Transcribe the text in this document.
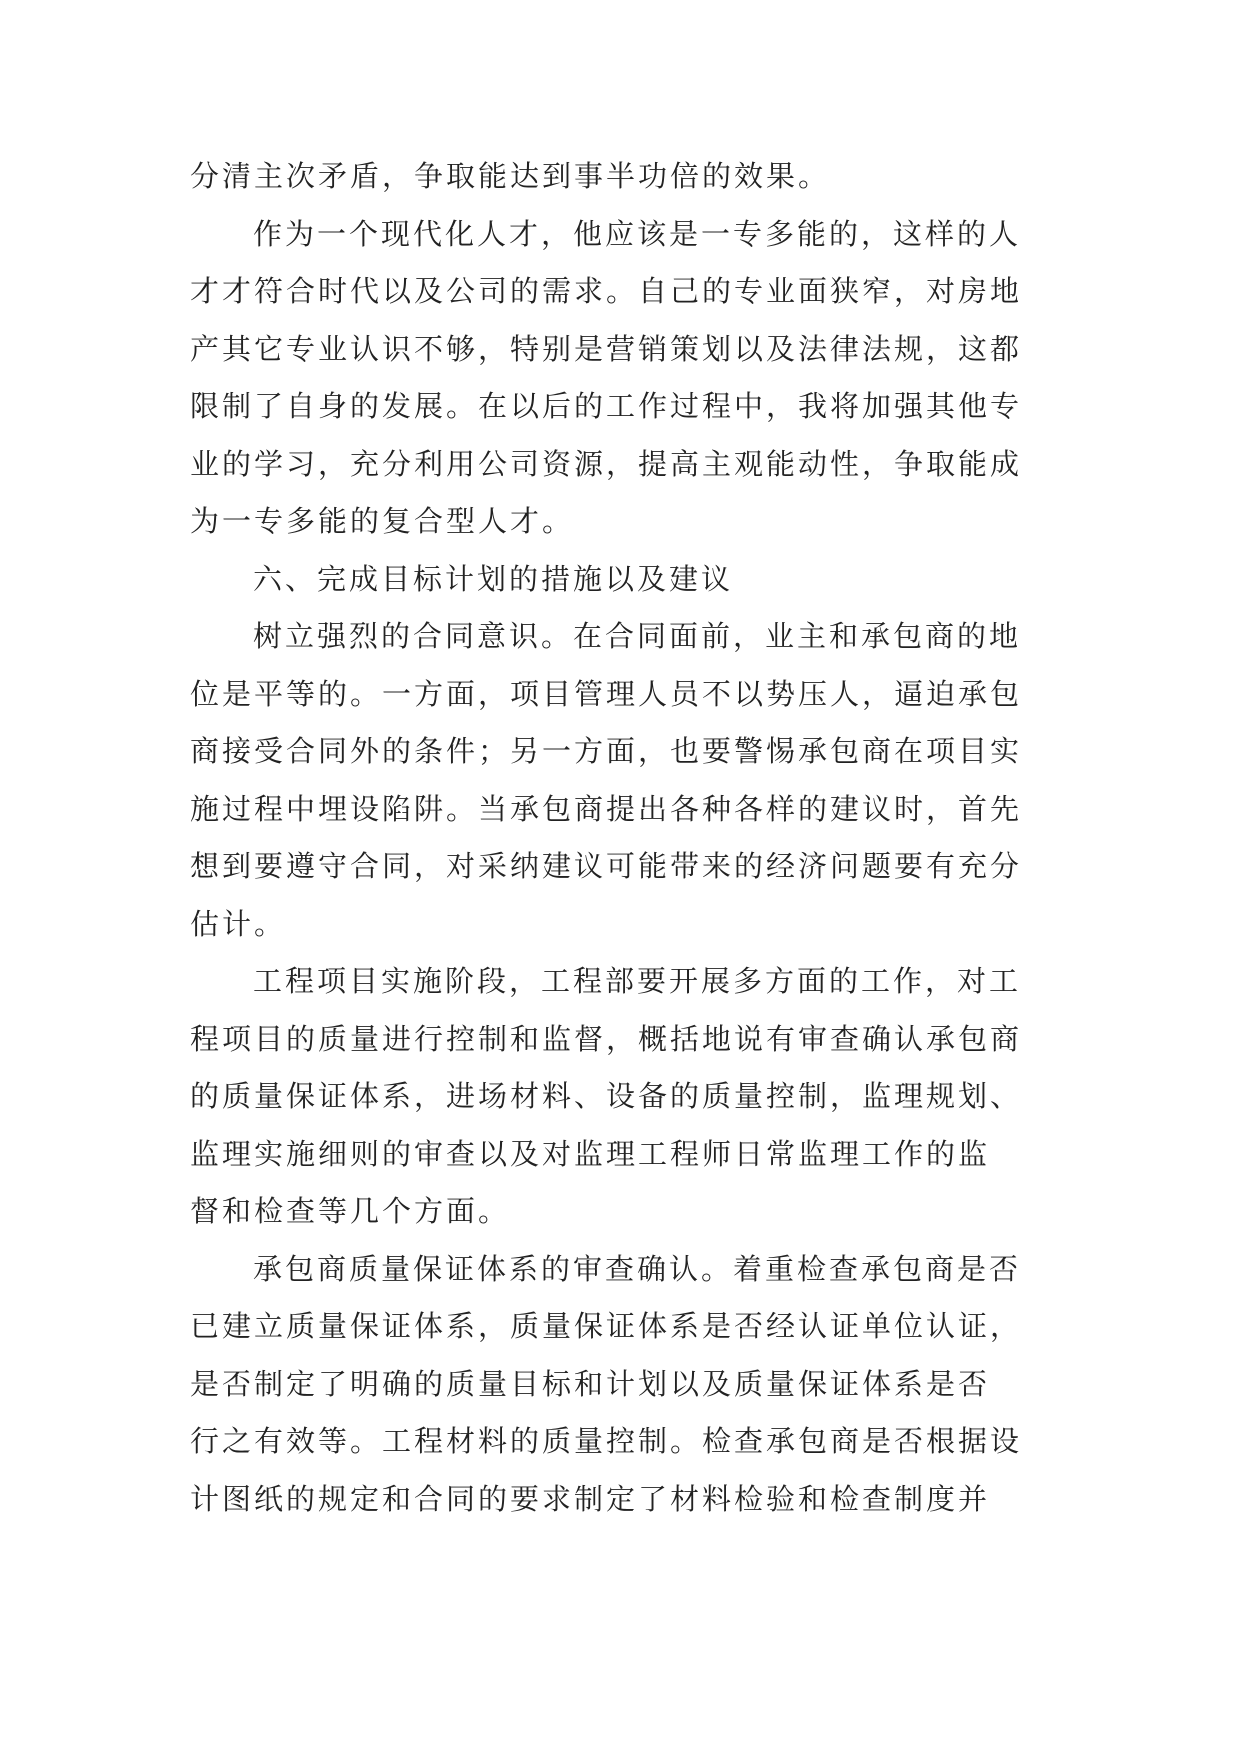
分清主次矛盾，争取能达到事半功倍的效果。
作为一个现代化人才，他应该是一专多能的，这样的人
才才符合时代以及公司的需求。自己的专业面狭窄，对房地
产其它专业认识不够，特别是营销策划以及法律法规，这都
限制了自身的发展。在以后的工作过程中，我将加强其他专
业的学习，充分利用公司资源，提高主观能动性，争取能成
为一专多能的复合型人才。
六、完成目标计划的措施以及建议
树立强烈的合同意识。在合同面前，业主和承包商的地
位是平等的。一方面，项目管理人员不以势压人，逼迫承包
商接受合同外的条件；另一方面，也要警惕承包商在项目实
施过程中埋设陷阱。当承包商提出各种各样的建议时，首先
想到要遵守合同，对采纳建议可能带来的经济问题要有充分
估计。
工程项目实施阶段，工程部要开展多方面的工作，对工
程项目的质量进行控制和监督，概括地说有审查确认承包商
的质量保证体系，进场材料、设备的质量控制，监理规划、
监理实施细则的审查以及对监理工程师日常监理工作的监
督和检查等几个方面。
承包商质量保证体系的审查确认。着重检查承包商是否
已建立质量保证体系，质量保证体系是否经认证单位认证，
是否制定了明确的质量目标和计划以及质量保证体系是否
行之有效等。工程材料的质量控制。检查承包商是否根据设
计图纸的规定和合同的要求制定了材料检验和检查制度并
